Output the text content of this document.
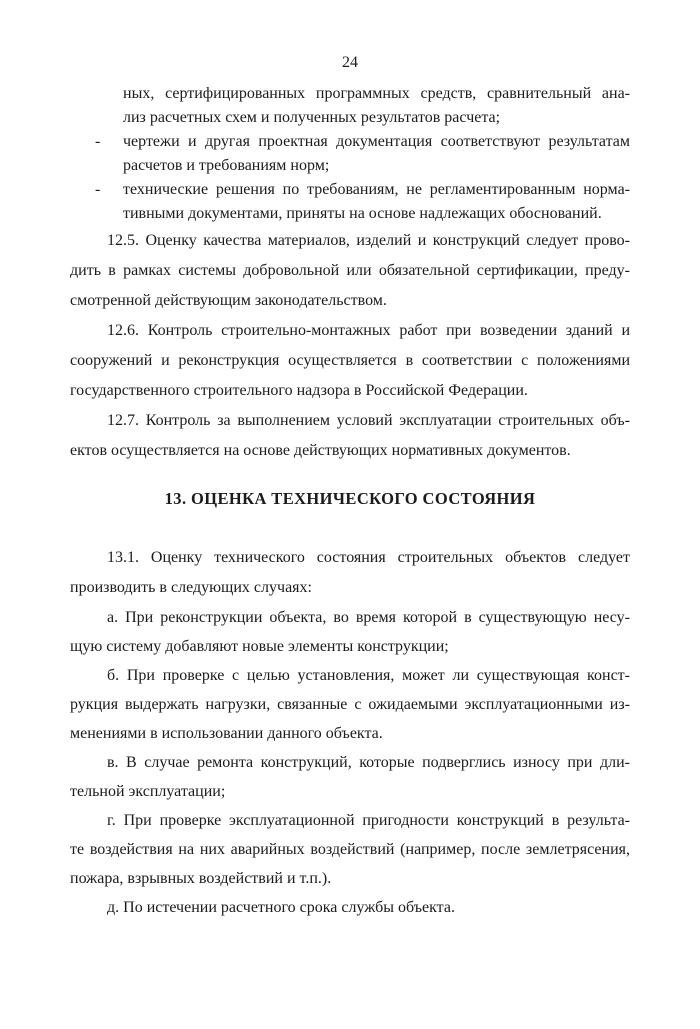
24
ных, сертифицированных программных средств, сравнительный ана-
лиз расчетных схем и полученных результатов расчета;
-	чертежи и другая проектная документация соответствуют результатам
расчетов и требованиям норм;
-	технические решения по требованиям, не регламентированным норма-
тивными документами, приняты на основе надлежащих обоснований.
12.5. Оценку качества материалов, изделий и конструкций следует прово-
дить в рамках системы добровольной или обязательной сертификации, преду-
смотренной действующим законодательством.
12.6. Контроль строительно-монтажных работ при возведении зданий и
сооружений и реконструкция осуществляется в соответствии с положениями
государственного строительного надзора в Российской Федерации.
12.7. Контроль за выполнением условий эксплуатации строительных объ-
ектов осуществляется на основе действующих нормативных документов.
13. ОЦЕНКА ТЕХНИЧЕСКОГО СОСТОЯНИЯ
13.1. Оценку технического состояния строительных объектов следует
производить в следующих случаях:
а. При реконструкции объекта, во время которой в существующую несу-
щую систему добавляют новые элементы конструкции;
б. При проверке с целью установления, может ли существующая конст-
рукция выдержать нагрузки, связанные с ожидаемыми эксплуатационными из-
менениями в использовании данного объекта.
в. В случае ремонта конструкций, которые подверглись износу при дли-
тельной эксплуатации;
г. При проверке эксплуатационной пригодности конструкций в результа-
те воздействия на них аварийных воздействий (например, после землетрясения,
пожара, взрывных воздействий и т.п.).
д. По истечении расчетного срока службы объекта.
